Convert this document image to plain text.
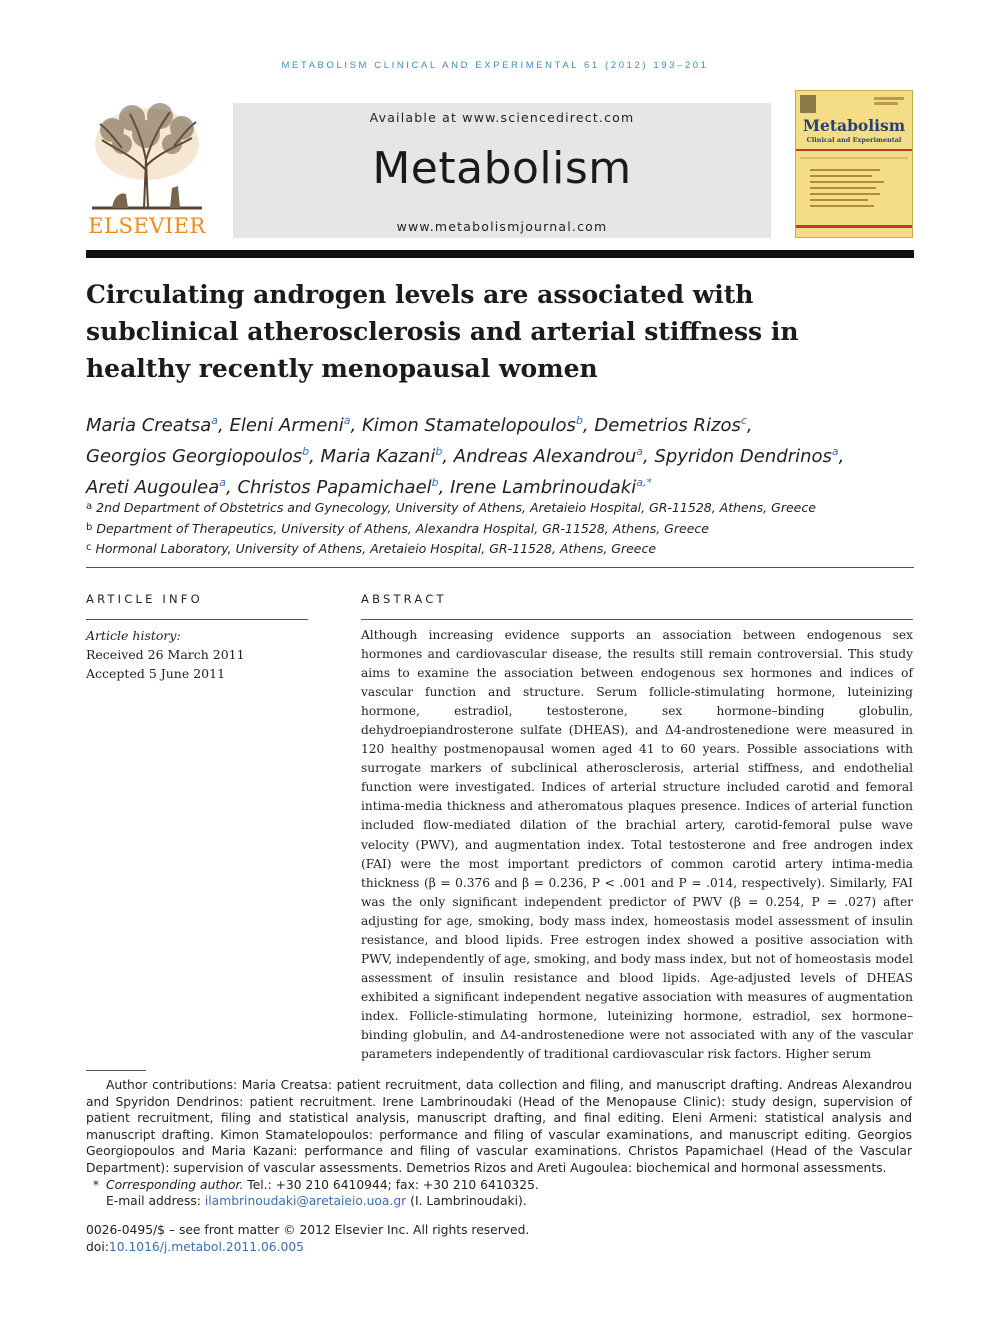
METABOLISM CLINICAL AND EXPERIMENTAL 61 (2012) 193–201
ELSEVIER
Available at www.sciencedirect.com
Metabolism
www.metabolismjournal.com
Metabolism
Clinical and Experimental
Circulating androgen levels are associated with subclinical atherosclerosis and arterial stiffness in healthy recently menopausal women
Maria Creatsa$^a$, Eleni Armeni$^a$, Kimon Stamatelopoulos$^b$, Demetrios Rizos$^c$,
Georgios Georgiopoulos$^b$, Maria Kazani$^b$, Andreas Alexandrou$^a$, Spyridon Dendrinos$^a$,
Areti Augoulea$^a$, Christos Papamichael$^b$, Irene Lambrinoudaki$^{a,*}$
$^a$ 2nd Department of Obstetrics and Gynecology, University of Athens, Aretaieio Hospital, GR-11528, Athens, Greece
$^b$ Department of Therapeutics, University of Athens, Alexandra Hospital, GR-11528, Athens, Greece
$^c$ Hormonal Laboratory, University of Athens, Aretaieio Hospital, GR-11528, Athens, Greece
ARTICLE INFO
Article history:
Received 26 March 2011
Accepted 5 June 2011
ABSTRACT
Although increasing evidence supports an association between endogenous sex hormones and cardiovascular disease, the results still remain controversial. This study aims to examine the association between endogenous sex hormones and indices of vascular function and structure. Serum follicle-stimulating hormone, luteinizing hormone, estradiol, testosterone, sex hormone–binding globulin, dehydroepiandrosterone sulfate (DHEAS), and Δ4-androstenedione were measured in 120 healthy postmenopausal women aged 41 to 60 years. Possible associations with surrogate markers of subclinical atherosclerosis, arterial stiffness, and endothelial function were investigated. Indices of arterial structure included carotid and femoral intima-media thickness and atheromatous plaques presence. Indices of arterial function included flow-mediated dilation of the brachial artery, carotid-femoral pulse wave velocity (PWV), and augmentation index. Total testosterone and free androgen index (FAI) were the most important predictors of common carotid artery intima-media thickness (β = 0.376 and β = 0.236, P < .001 and P = .014, respectively). Similarly, FAI was the only significant independent predictor of PWV (β = 0.254, P = .027) after adjusting for age, smoking, body mass index, homeostasis model assessment of insulin resistance, and blood lipids. Free estrogen index showed a positive association with PWV, independently of age, smoking, and body mass index, but not of homeostasis model assessment of insulin resistance and blood lipids. Age-adjusted levels of DHEAS exhibited a significant independent negative association with measures of augmentation index. Follicle-stimulating hormone, luteinizing hormone, estradiol, sex hormone–binding globulin, and Δ4-androstenedione were not associated with any of the vascular parameters independently of traditional cardiovascular risk factors. Higher serum
Author contributions: Maria Creatsa: patient recruitment, data collection and filing, and manuscript drafting. Andreas Alexandrou and Spyridon Dendrinos: patient recruitment. Irene Lambrinoudaki (Head of the Menopause Clinic): study design, supervision of patient recruitment, filing and statistical analysis, manuscript drafting, and final editing. Eleni Armeni: statistical analysis and manuscript drafting. Kimon Stamatelopoulos: performance and filing of vascular examinations, and manuscript editing. Georgios Georgiopoulos and Maria Kazani: performance and filing of vascular examinations. Christos Papamichael (Head of the Vascular Department): supervision of vascular assessments. Demetrios Rizos and Areti Augoulea: biochemical and hormonal assessments.
* Corresponding author. Tel.: +30 210 6410944; fax: +30 210 6410325.
E-mail address: ilambrinoudaki@aretaieio.uoa.gr (I. Lambrinoudaki).
0026-0495/$ – see front matter © 2012 Elsevier Inc. All rights reserved.
doi:10.1016/j.metabol.2011.06.005
